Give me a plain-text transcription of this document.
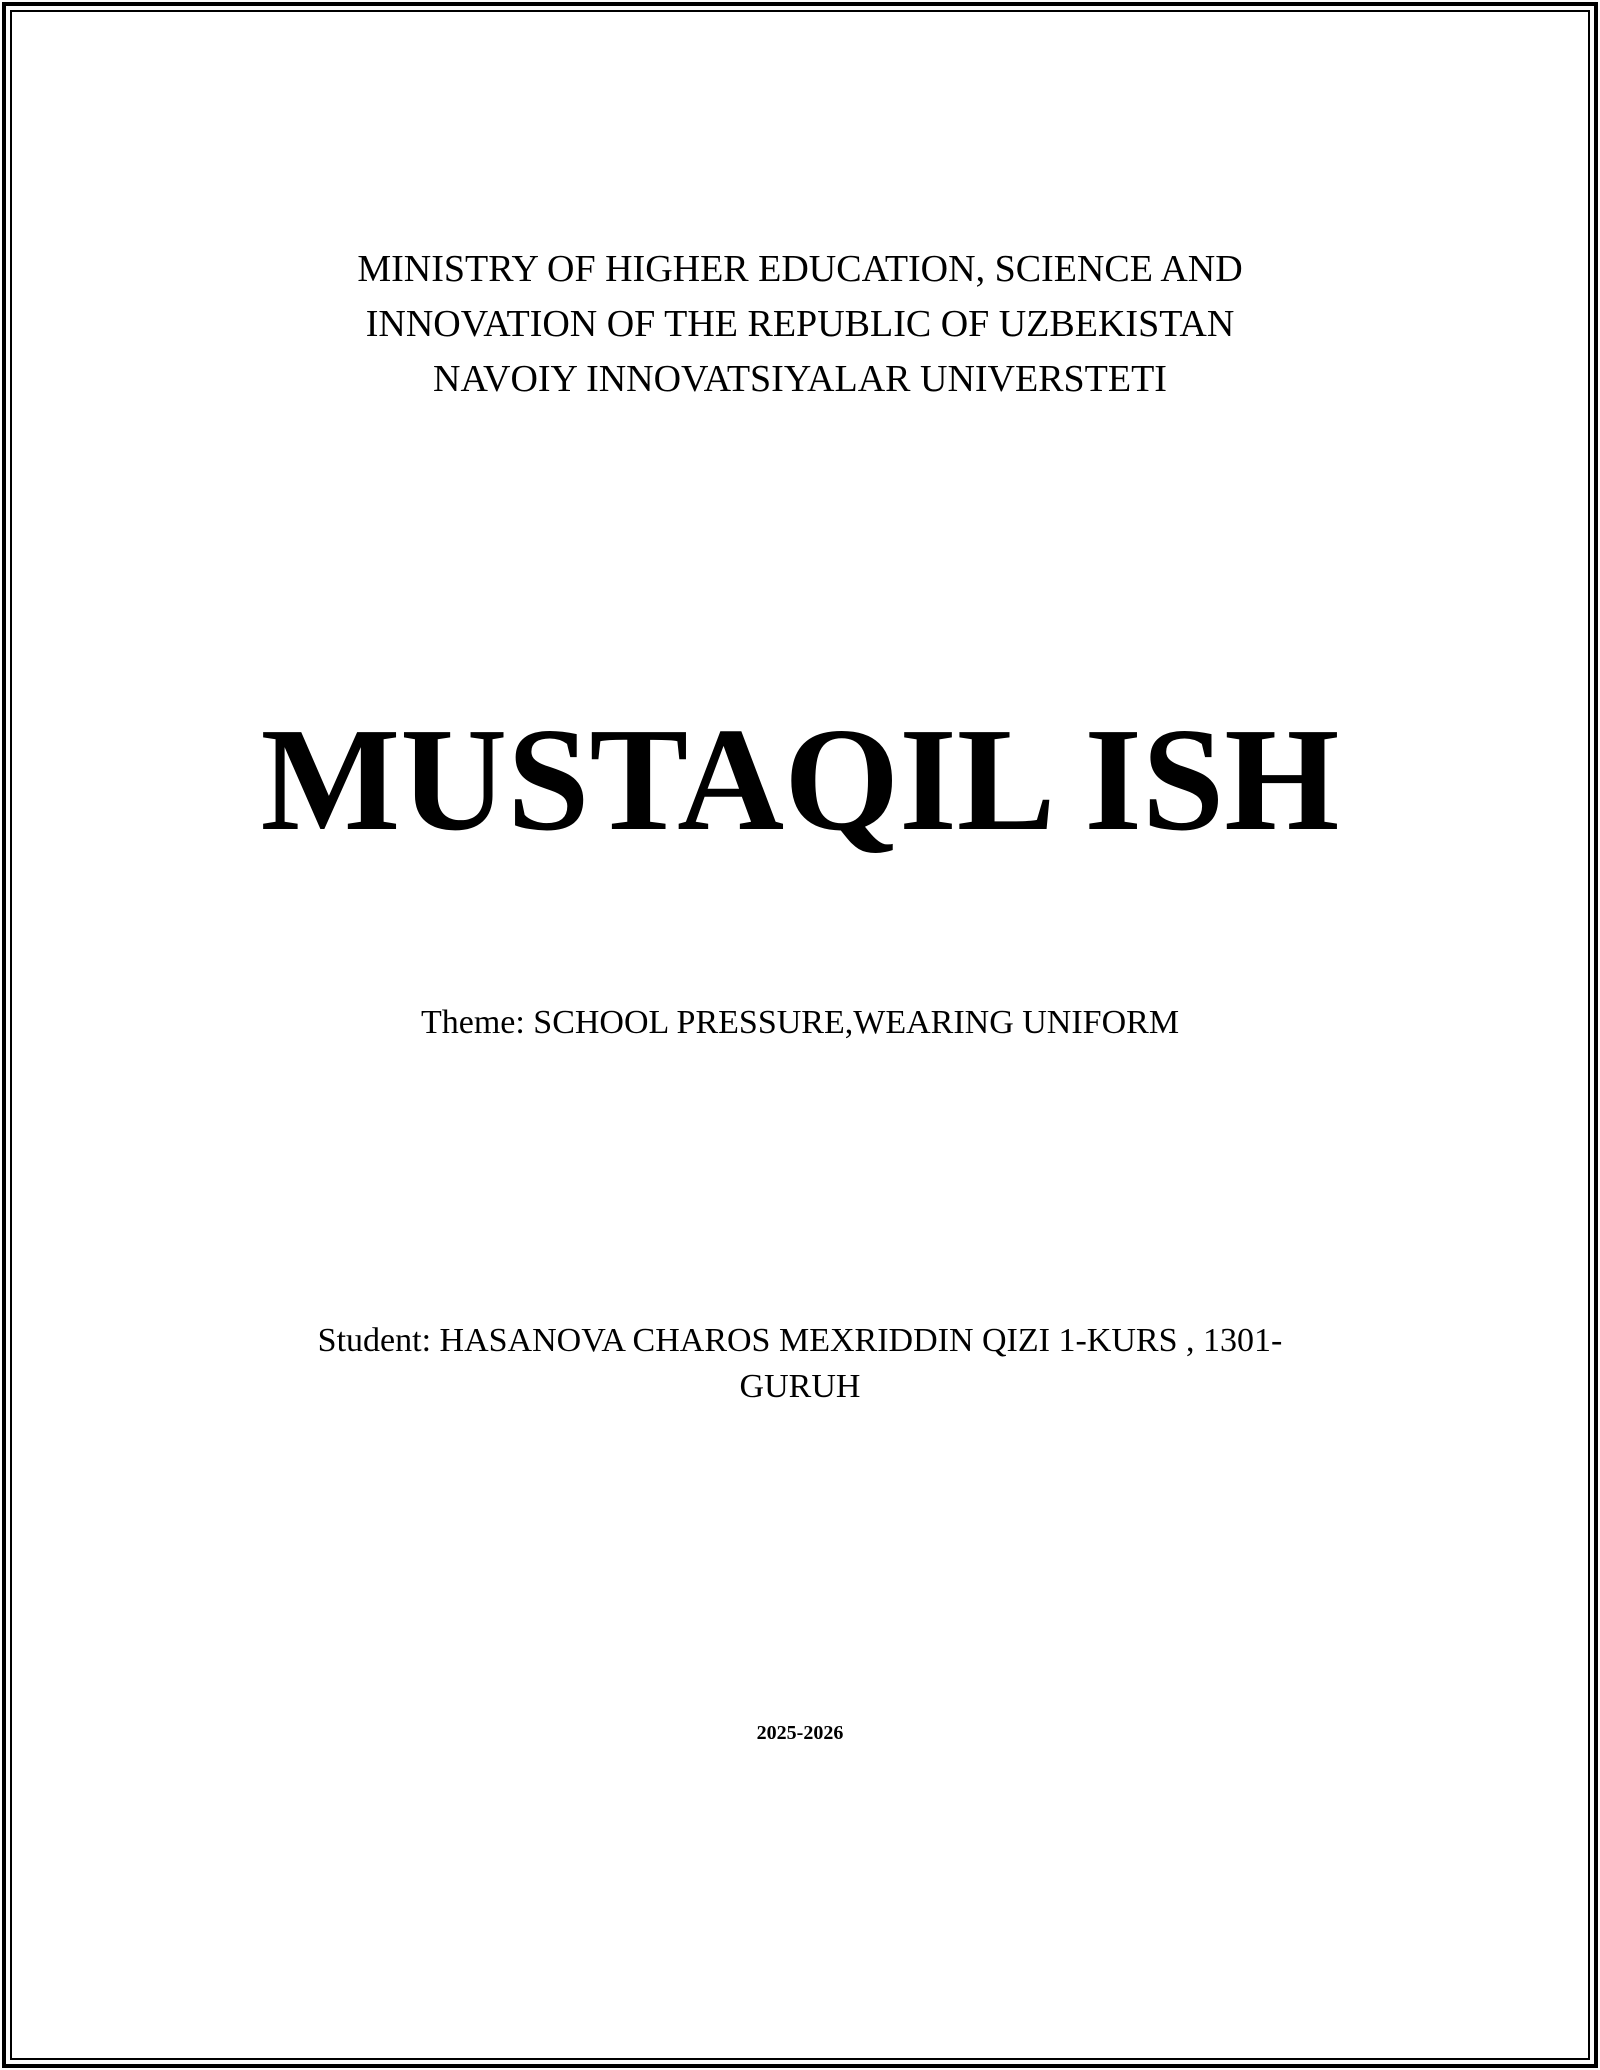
MINISTRY OF HIGHER EDUCATION, SCIENCE AND
INNOVATION OF THE REPUBLIC OF UZBEKISTAN
NAVOIY INNOVATSIYALAR UNIVERSTETI
MUSTAQIL ISH
Theme: SCHOOL PRESSURE,WEARING UNIFORM
Student: HASANOVA CHAROS MEXRIDDIN QIZI 1-KURS , 1301-
GURUH
2025-2026
